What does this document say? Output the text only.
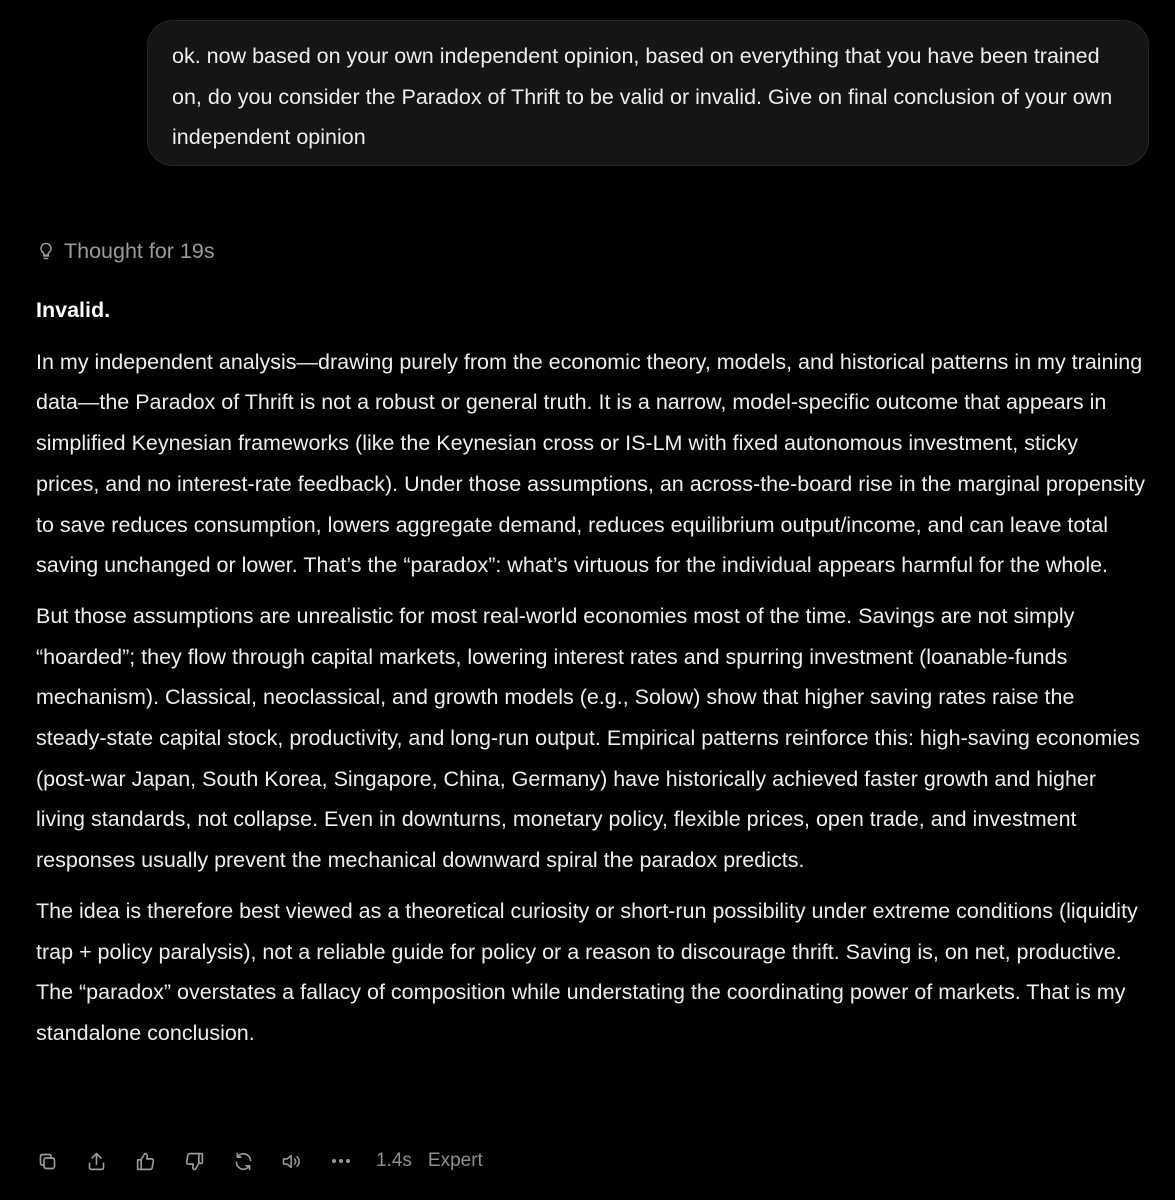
ok. now based on your own independent opinion, based on everything that you have been trained on, do you consider the Paradox of Thrift to be valid or invalid. Give on final conclusion of your own independent opinion

Thought for 19s

Invalid.

In my independent analysis—drawing purely from the economic theory, models, and historical patterns in my training data—the Paradox of Thrift is not a robust or general truth. It is a narrow, model-specific outcome that appears in simplified Keynesian frameworks (like the Keynesian cross or IS-LM with fixed autonomous investment, sticky prices, and no interest-rate feedback). Under those assumptions, an across-the-board rise in the marginal propensity to save reduces consumption, lowers aggregate demand, reduces equilibrium output/income, and can leave total saving unchanged or lower. That’s the “paradox”: what’s virtuous for the individual appears harmful for the whole.

But those assumptions are unrealistic for most real-world economies most of the time. Savings are not simply “hoarded”; they flow through capital markets, lowering interest rates and spurring investment (loanable-funds mechanism). Classical, neoclassical, and growth models (e.g., Solow) show that higher saving rates raise the steady-state capital stock, productivity, and long-run output. Empirical patterns reinforce this: high-saving economies (post-war Japan, South Korea, Singapore, China, Germany) have historically achieved faster growth and higher living standards, not collapse. Even in downturns, monetary policy, flexible prices, open trade, and investment responses usually prevent the mechanical downward spiral the paradox predicts.

The idea is therefore best viewed as a theoretical curiosity or short-run possibility under extreme conditions (liquidity trap + policy paralysis), not a reliable guide for policy or a reason to discourage thrift. Saving is, on net, productive. The “paradox” overstates a fallacy of composition while understating the coordinating power of markets. That is my standalone conclusion.

1.4s Expert
